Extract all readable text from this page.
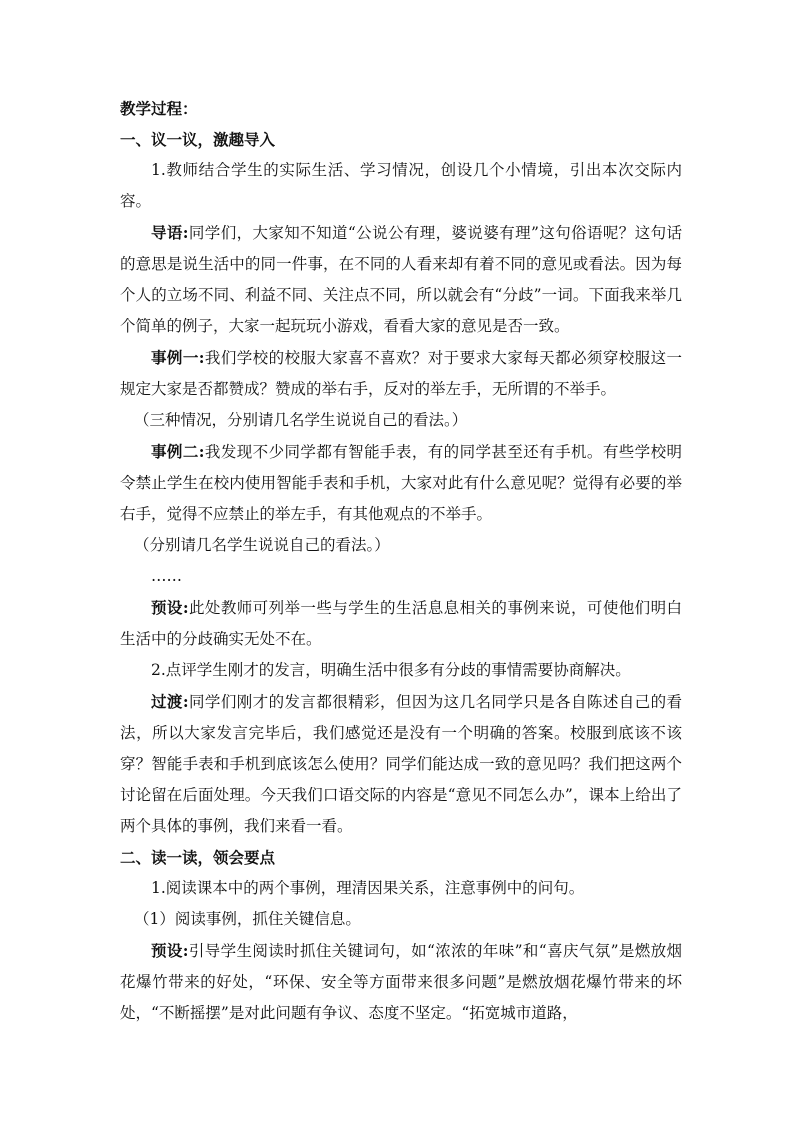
教学过程：

一、议一议，激趣导入

1.教师结合学生的实际生活、学习情况，创设几个小情境，引出本次交际内容。

导语:同学们，大家知不知道“公说公有理，婆说婆有理”这句俗语呢？这句话的意思是说生活中的同一件事，在不同的人看来却有着不同的意见或看法。因为每个人的立场不同、利益不同、关注点不同，所以就会有“分歧”一词。下面我来举几个简单的例子，大家一起玩玩小游戏，看看大家的意见是否一致。

事例一:我们学校的校服大家喜不喜欢？对于要求大家每天都必须穿校服这一规定大家是否都赞成？赞成的举右手，反对的举左手，无所谓的不举手。

（三种情况，分别请几名学生说说自己的看法。）

事例二:我发现不少同学都有智能手表，有的同学甚至还有手机。有些学校明令禁止学生在校内使用智能手表和手机，大家对此有什么意见呢？觉得有必要的举右手，觉得不应禁止的举左手，有其他观点的不举手。

（分别请几名学生说说自己的看法。）

……

预设:此处教师可列举一些与学生的生活息息相关的事例来说，可使他们明白生活中的分歧确实无处不在。

2.点评学生刚才的发言，明确生活中很多有分歧的事情需要协商解决。

过渡:同学们刚才的发言都很精彩，但因为这几名同学只是各自陈述自己的看法，所以大家发言完毕后，我们感觉还是没有一个明确的答案。校服到底该不该穿？智能手表和手机到底该怎么使用？同学们能达成一致的意见吗？我们把这两个讨论留在后面处理。今天我们口语交际的内容是“意见不同怎么办”，课本上给出了两个具体的事例，我们来看一看。

二、读一读，领会要点

1.阅读课本中的两个事例，理清因果关系，注意事例中的问句。

（1）阅读事例，抓住关键信息。

预设:引导学生阅读时抓住关键词句，如“浓浓的年味”和“喜庆气氛”是燃放烟花爆竹带来的好处，“环保、安全等方面带来很多问题”是燃放烟花爆竹带来的坏处，“不断摇摆”是对此问题有争议、态度不坚定。“拓宽城市道路，
